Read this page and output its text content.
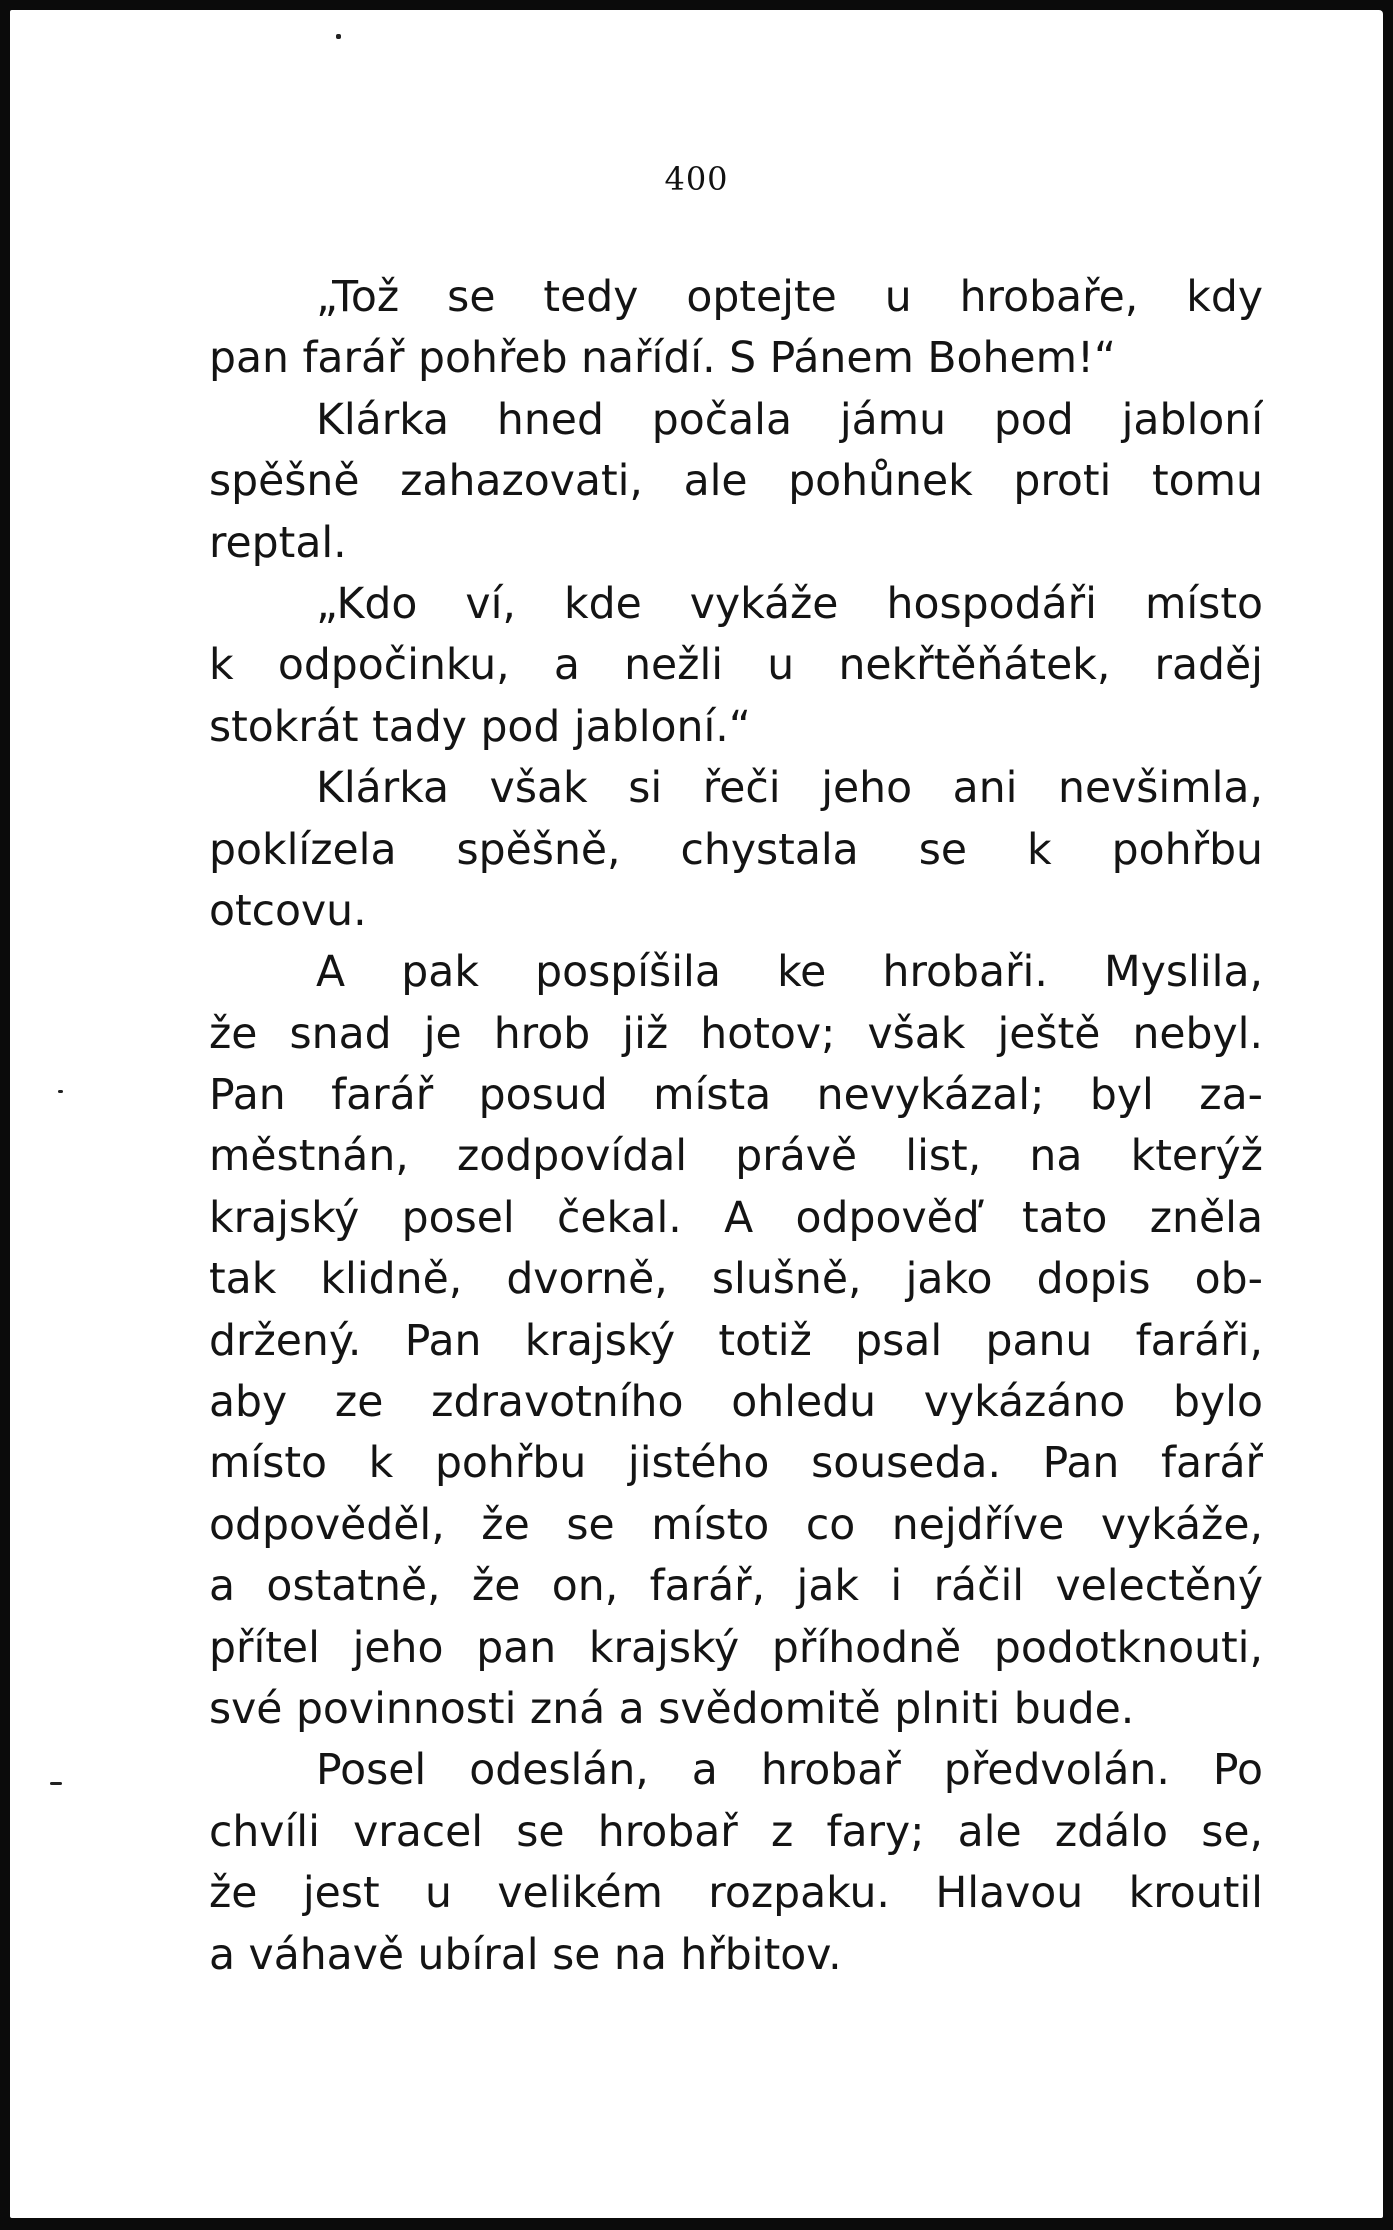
400

„Tož se tedy optejte u hrobaře, kdy
pan farář pohřeb nařídí. S Pánem Bohem!“
Klárka hned počala jámu pod jabloní
spěšně zahazovati, ale pohůnek proti tomu
reptal.
„Kdo ví, kde vykáže hospodáři místo
k odpočinku, a nežli u nekřtěňátek, raděj
stokrát tady pod jabloní.“
Klárka však si řeči jeho ani nevšimla,
poklízela spěšně, chystala se k pohřbu
otcovu.
A pak pospíšila ke hrobaři. Myslila,
že snad je hrob již hotov; však ještě nebyl.
Pan farář posud místa nevykázal; byl za-
městnán, zodpovídal právě list, na kterýž
krajský posel čekal. A odpověď tato zněla
tak klidně, dvorně, slušně, jako dopis ob-
držený. Pan krajský totiž psal panu faráři,
aby ze zdravotního ohledu vykázáno bylo
místo k pohřbu jistého souseda. Pan farář
odpověděl, že se místo co nejdříve vykáže,
a ostatně, že on, farář, jak i ráčil velectěný
přítel jeho pan krajský příhodně podotknouti,
své povinnosti zná a svědomitě plniti bude.
Posel odeslán, a hrobař předvolán. Po
chvíli vracel se hrobař z fary; ale zdálo se,
že jest u velikém rozpaku. Hlavou kroutil
a váhavě ubíral se na hřbitov.
